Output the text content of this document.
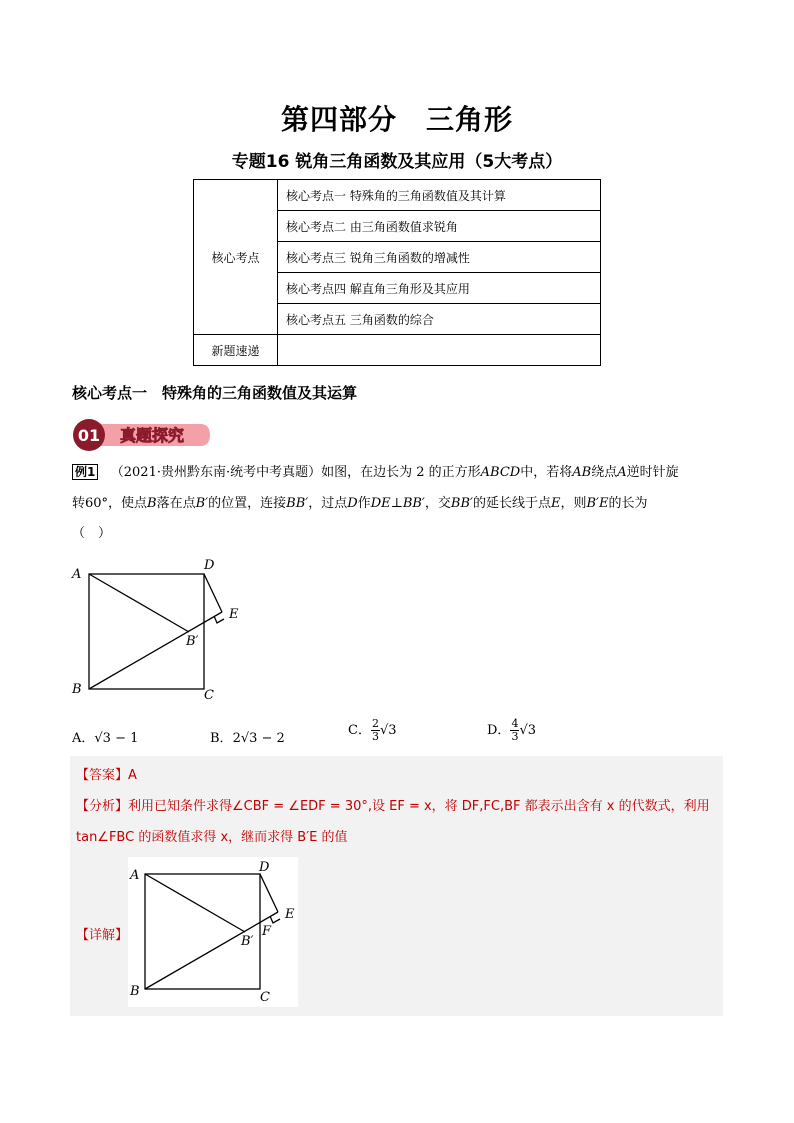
第四部分　三角形
专题16 锐角三角函数及其应用（5大考点）
核心考点	核心考点一 特殊角的三角函数值及其计算
	核心考点二 由三角函数值求锐角
	核心考点三 锐角三角函数的增减性
	核心考点四 解直角三角形及其应用
	核心考点五 三角函数的综合
新题速递	
核心考点一　特殊角的三角函数值及其运算
01 真题探究
例1 （2021·贵州黔东南·统考中考真题）如图，在边长为 2 的正方形ABCD中，若将AB绕点A逆时针旋
转60°，使点B落在点B′的位置，连接BB′，过点D作DE⊥BB′，交BB′的延长线于点E，则B′E的长为
（　）
A
B	C
D
E
B′
A．√3 − 1	B．2√3 − 2
C． $\frac{2}{3} √3$	D． $\frac{4}{3} √3$
【答案】A
【分析】利用已知条件求得∠CBF = ∠EDF = 30°,设 EF = x，将 DF,FC,BF 都表示出含有 x 的代数式，利用
tan∠FBC 的函数值求得 x，继而求得 B′E 的值
【详解】
A
B	C
D
E
B′
F
